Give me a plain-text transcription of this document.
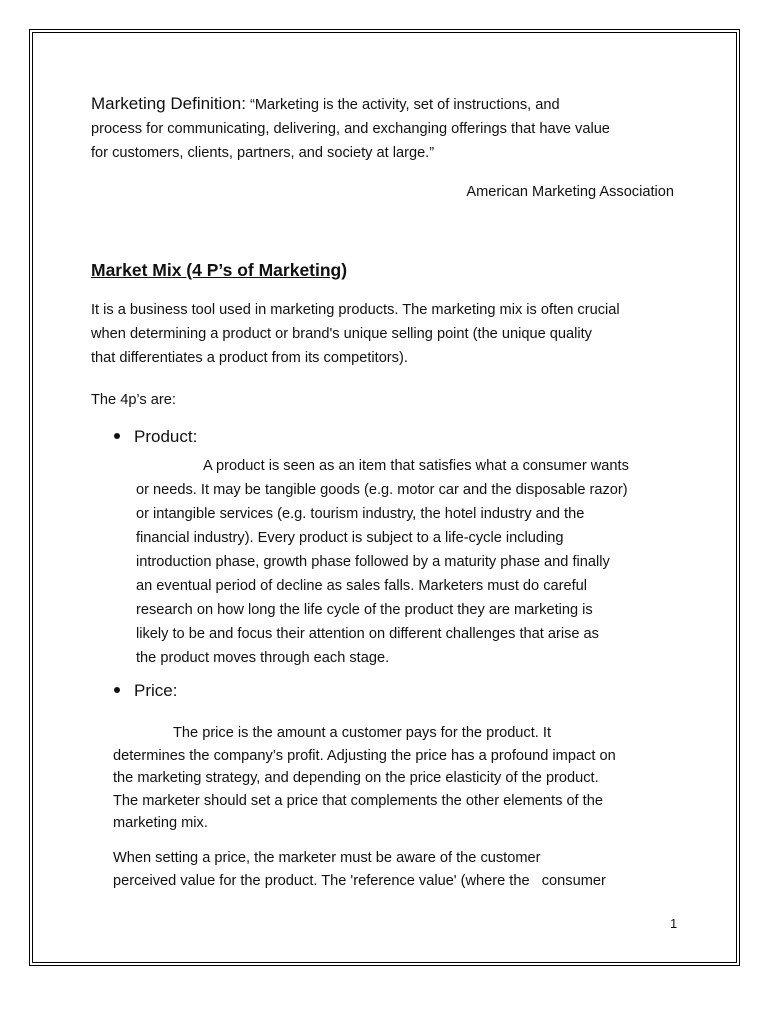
Marketing Definition: “Marketing is the activity, set of instructions, and
process for communicating, delivering, and exchanging offerings that have value
for customers, clients, partners, and society at large.”
American Marketing Association
Market Mix (4 P’s of Marketing)
It is a business tool used in marketing products. The marketing mix is often crucial
when determining a product or brand's unique selling point (the unique quality
that differentiates a product from its competitors).
The 4p’s are:
Product:
A product is seen as an item that satisfies what a consumer wants
or needs. It may be tangible goods (e.g. motor car and the disposable razor)
or intangible services (e.g. tourism industry, the hotel industry and the
financial industry). Every product is subject to a life-cycle including
introduction phase, growth phase followed by a maturity phase and finally
an eventual period of decline as sales falls. Marketers must do careful
research on how long the life cycle of the product they are marketing is
likely to be and focus their attention on different challenges that arise as
the product moves through each stage.
Price:
The price is the amount a customer pays for the product. It
determines the company’s profit. Adjusting the price has a profound impact on
the marketing strategy, and depending on the price elasticity of the product.
The marketer should set a price that complements the other elements of the
marketing mix.
When setting a price, the marketer must be aware of the customer
perceived value for the product. The 'reference value' (where the   consumer
1
